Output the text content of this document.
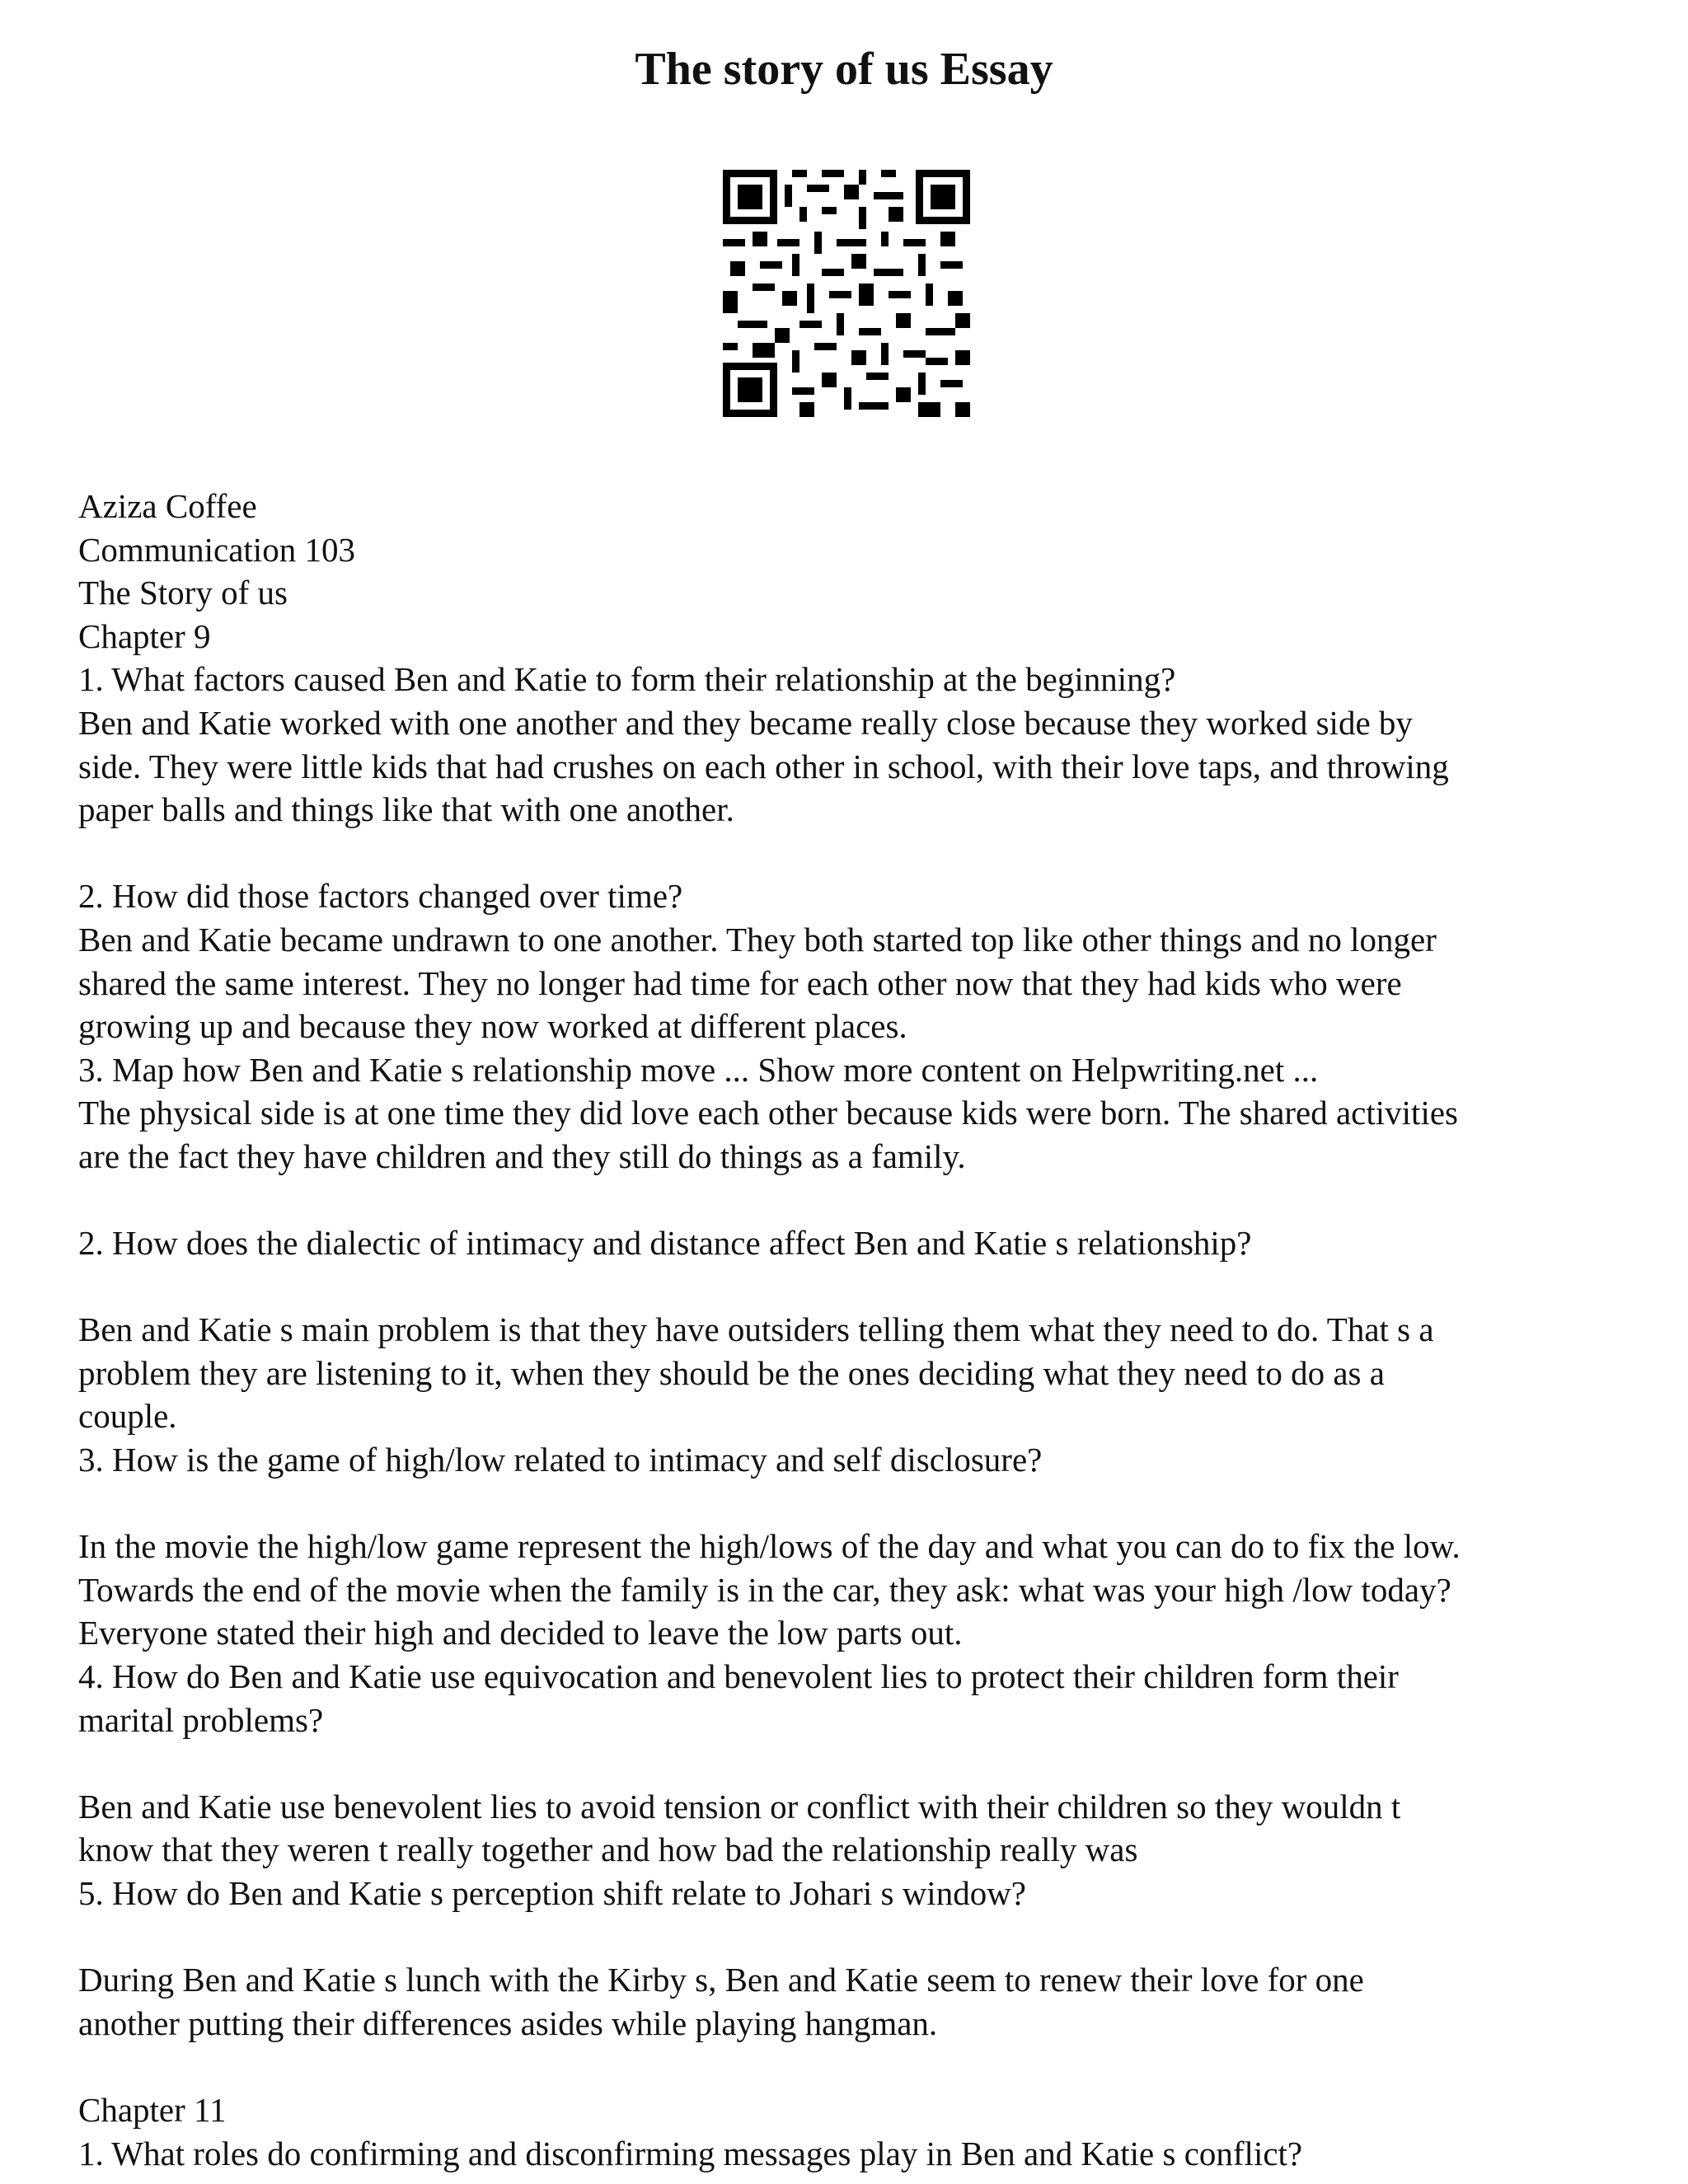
The story of us Essay
Aziza Coffee
Communication 103
The Story of us
Chapter 9
1. What factors caused Ben and Katie to form their relationship at the beginning?
Ben and Katie worked with one another and they became really close because they worked side by
side. They were little kids that had crushes on each other in school, with their love taps, and throwing
paper balls and things like that with one another.
2. How did those factors changed over time?
Ben and Katie became undrawn to one another. They both started top like other things and no longer
shared the same interest. They no longer had time for each other now that they had kids who were
growing up and because they now worked at different places.
3. Map how Ben and Katie s relationship move ... Show more content on Helpwriting.net ...
The physical side is at one time they did love each other because kids were born. The shared activities
are the fact they have children and they still do things as a family.
2. How does the dialectic of intimacy and distance affect Ben and Katie s relationship?
Ben and Katie s main problem is that they have outsiders telling them what they need to do. That s a
problem they are listening to it, when they should be the ones deciding what they need to do as a
couple.
3. How is the game of high/low related to intimacy and self disclosure?
In the movie the high/low game represent the high/lows of the day and what you can do to fix the low.
Towards the end of the movie when the family is in the car, they ask: what was your high /low today?
Everyone stated their high and decided to leave the low parts out.
4. How do Ben and Katie use equivocation and benevolent lies to protect their children form their
marital problems?
Ben and Katie use benevolent lies to avoid tension or conflict with their children so they wouldn t
know that they weren t really together and how bad the relationship really was
5. How do Ben and Katie s perception shift relate to Johari s window?
During Ben and Katie s lunch with the Kirby s, Ben and Katie seem to renew their love for one
another putting their differences asides while playing hangman.
Chapter 11
1. What roles do confirming and disconfirming messages play in Ben and Katie s conflict?
